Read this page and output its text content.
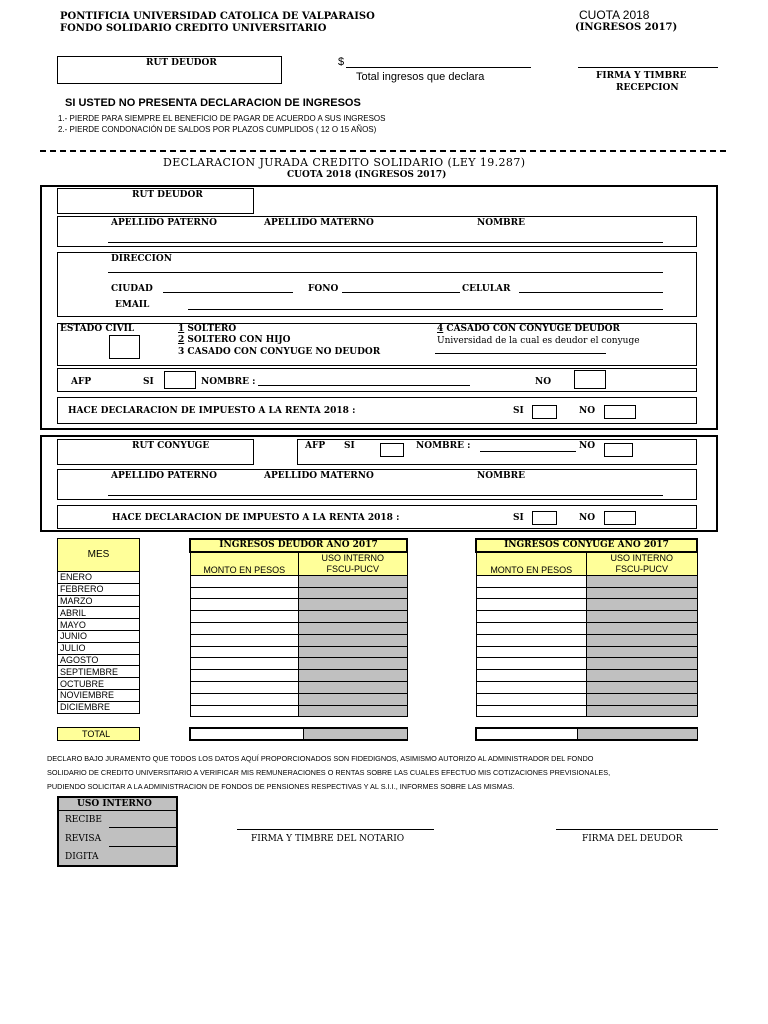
PONTIFICIA UNIVERSIDAD CATOLICA DE VALPARAISO
FONDO SOLIDARIO CREDITO UNIVERSITARIO
CUOTA 2018
(INGRESOS 2017)
RUT DEUDOR	$
Total ingresos que declara	FIRMA Y TIMBRE
RECEPCION
SI USTED NO PRESENTA DECLARACION DE INGRESOS
1.- PIERDE PARA SIEMPRE EL BENEFICIO DE PAGAR DE ACUERDO A SUS INGRESOS
2.- PIERDE CONDONACIÓN DE SALDOS POR PLAZOS CUMPLIDOS ( 12 O 15 AÑOS)
DECLARACION JURADA CREDITO SOLIDARIO (LEY 19.287)
CUOTA 2018 (INGRESOS 2017)
RUT DEUDOR
APELLIDO PATERNO	APELLIDO MATERNO	NOMBRE
DIRECCION
CIUDAD	FONO	CELULAR
EMAIL
ESTADO CIVIL	1 SOLTERO
2 SOLTERO CON HIJO
3 CASADO CON CONYUGE NO DEUDOR
4 CASADO CON CONYUGE DEUDOR
Universidad de la cual es deudor el conyuge
AFP	SI	NOMBRE :	NO
HACE DECLARACION DE IMPUESTO A LA RENTA 2018 :	SI	NO
RUT CONYUGE	AFP SI	NOMBRE :	NO
APELLIDO PATERNO	APELLIDO MATERNO	NOMBRE
HACE DECLARACION DE IMPUESTO A LA RENTA 2018 :	SI	NO
MES
ENERO
FEBRERO
MARZO
ABRIL
MAYO
JUNIO
JULIO
AGOSTO
SEPTIEMBRE
OCTUBRE
NOVIEMBRE
DICIEMBRE
INGRESOS DEUDOR AÑO 2017	
MONTO EN PESOS	USO INTERNO
FSCU-PUCV

INGRESOS CONYUGE AÑO 2017	
MONTO EN PESOS	USO INTERNO
FSCU-PUCV

TOTAL
DECLARO BAJO JURAMENTO QUE TODOS LOS DATOS AQUÍ PROPORCIONADOS SON FIDEDIGNOS, ASIMISMO AUTORIZO AL ADMINISTRADOR DEL FONDO
SOLIDARIO DE CREDITO UNIVERSITARIO A VERIFICAR MIS REMUNERACIONES O RENTAS SOBRE LAS CUALES EFECTUO MIS COTIZACIONES PREVISIONALES,
PUDIENDO SOLICITAR A LA ADMINISTRACION DE FONDOS DE PENSIONES RESPECTIVAS Y AL S.I.I., INFORMES SOBRE LAS MISMAS.
USO INTERNO
RECIBE
REVISA
DIGITA
FIRMA Y TIMBRE DEL NOTARIO	FIRMA DEL DEUDOR
